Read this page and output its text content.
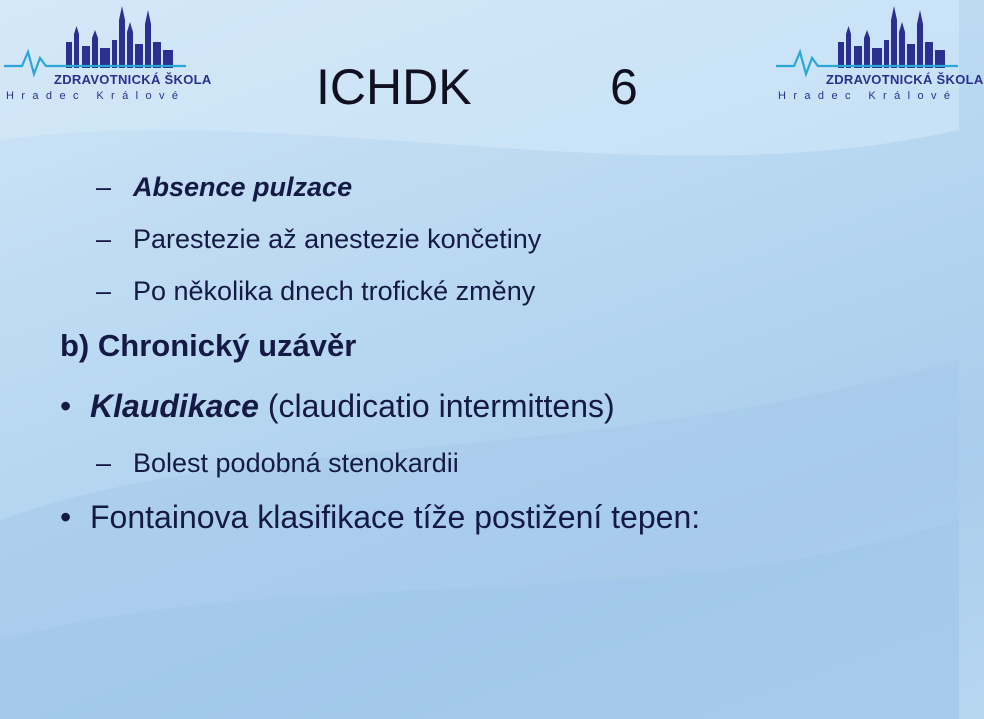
ZDRAVOTNICKÁ ŠKOLA
Hradec Králové
ZDRAVOTNICKÁ ŠKOLA
Hradec Králové
ICHDK	6
– Absence pulzace
– Parestezie až anestezie končetiny
– Po několika dnech trofické změny
b) Chronický uzávěr
• Klaudikace (claudicatio intermittens)
– Bolest podobná stenokardii
• Fontainova klasifikace tíže postižení tepen:
